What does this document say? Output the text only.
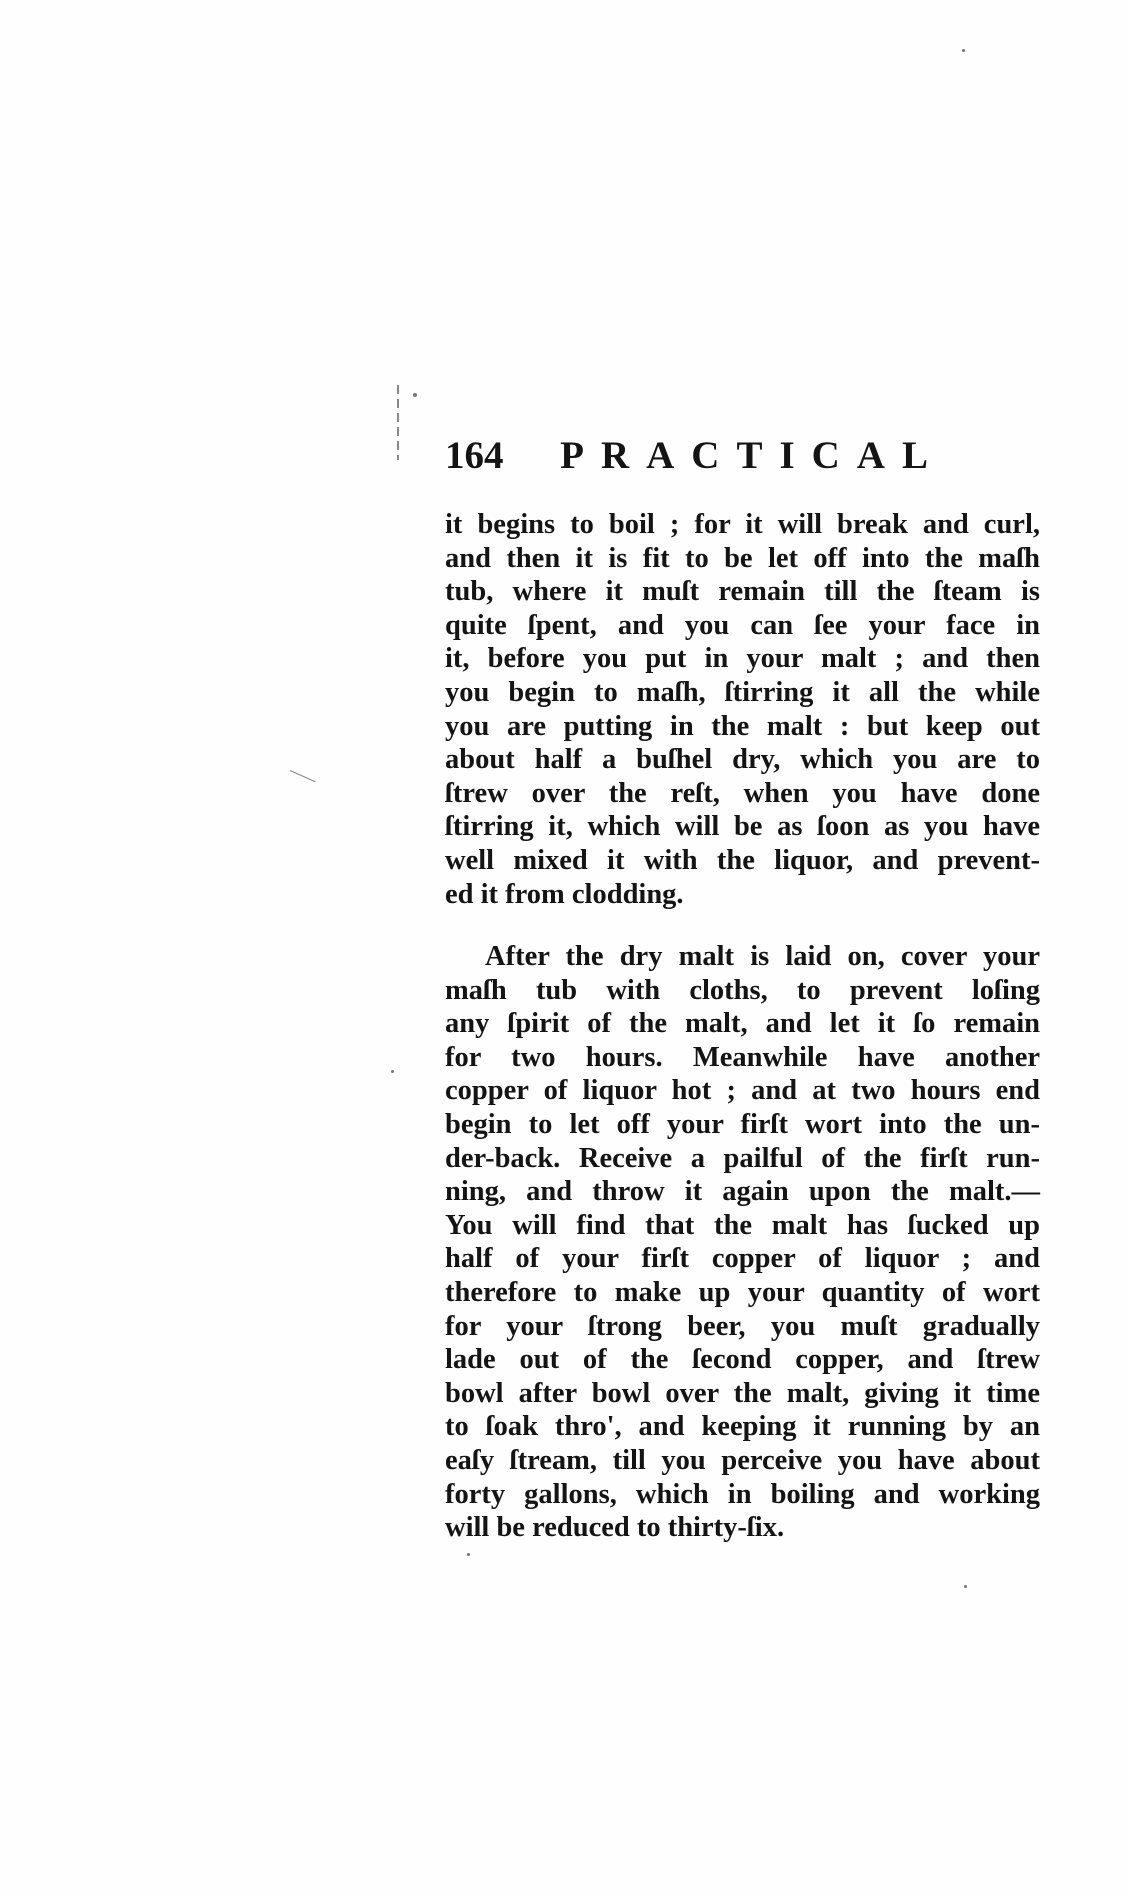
164	PRACTICAL
it begins to boil ; for it will break and curl,
and then it is fit to be let off into the maſh
tub, where it muſt remain till the ſteam is
quite ſpent, and you can ſee your face in
it, before you put in your malt ; and then
you begin to maſh, ſtirring it all the while
you are putting in the malt : but keep out
about half a buſhel dry, which you are to
ſtrew over the reſt, when you have done
ſtirring it, which will be as ſoon as you have
well mixed it with the liquor, and prevent-
ed it from clodding.
After the dry malt is laid on, cover your
maſh tub with cloths, to prevent loſing
any ſpirit of the malt, and let it ſo remain
for two hours. Meanwhile have another
copper of liquor hot ; and at two hours end
begin to let off your firſt wort into the un-
der-back. Receive a pailful of the firſt run-
ning, and throw it again upon the malt.—
You will find that the malt has ſucked up
half of your firſt copper of liquor ; and
therefore to make up your quantity of wort
for your ſtrong beer, you muſt gradually
lade out of the ſecond copper, and ſtrew
bowl after bowl over the malt, giving it time
to ſoak thro', and keeping it running by an
eaſy ſtream, till you perceive you have about
forty gallons, which in boiling and working
will be reduced to thirty-ſix.
